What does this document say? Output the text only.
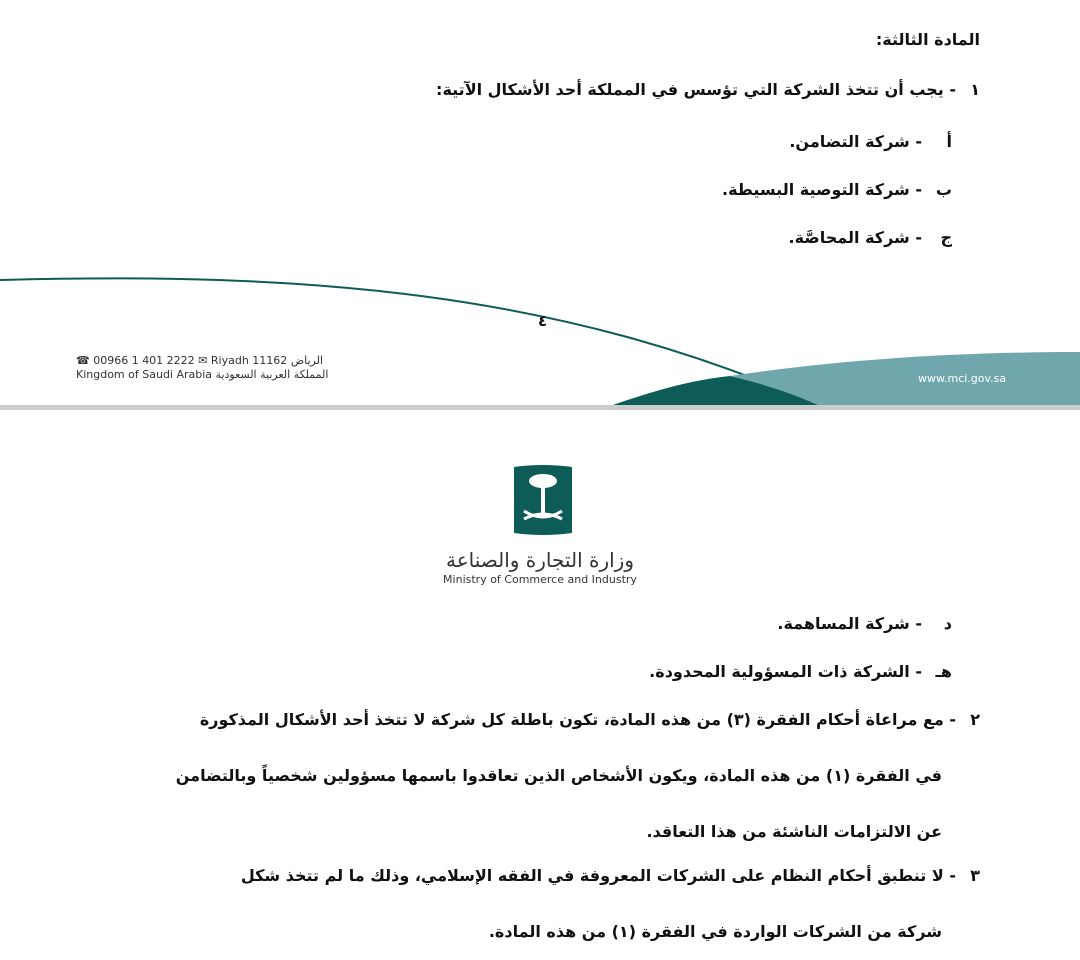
المادة الثالثة:
١- يجب أن تتخذ الشركة التي تؤسس في المملكة أحد الأشكال الآتية:
أ- شركة التضامن.
ب- شركة التوصية البسيطة.
ج- شركة المحاصَّة.
٤
☎ 00966 1 401 2222 ✉ Riyadh 11162 الرياض
Kingdom of Saudi Arabia المملكة العربية السعودية	www.mci.gov.sa
وزارة التجارة والصناعة
Ministry of Commerce and Industry
د- شركة المساهمة.
هـ- الشركة ذات المسؤولية المحدودة.
٢- مع مراعاة أحكام الفقرة (٣) من هذه المادة، تكون باطلة كل شركة لا تتخذ أحد الأشكال المذكورة
في الفقرة (١) من هذه المادة، ويكون الأشخاص الذين تعاقدوا باسمها مسؤولين شخصياً وبالتضامن
عن الالتزامات الناشئة من هذا التعاقد.
٣- لا تنطبق أحكام النظام على الشركات المعروفة في الفقه الإسلامي، وذلك ما لم تتخذ شكل
شركة من الشركات الواردة في الفقرة (١) من هذه المادة.
